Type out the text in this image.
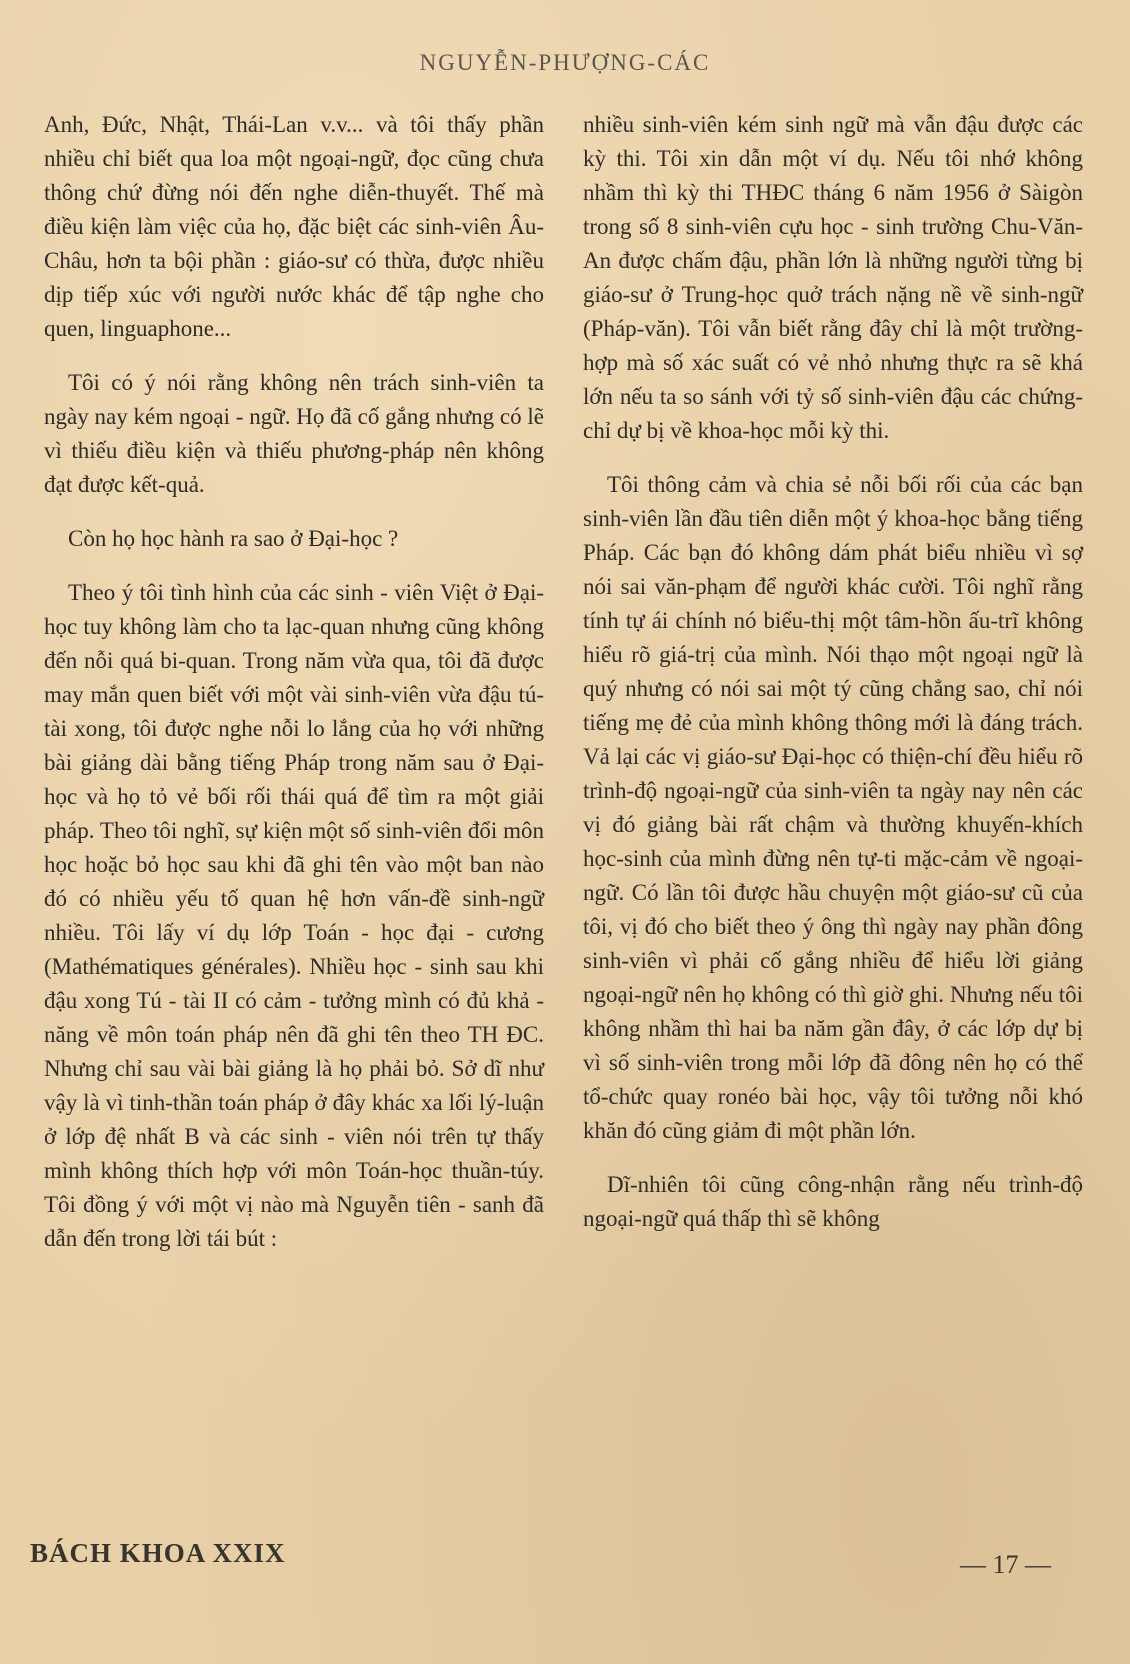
NGUYỄN-PHƯỢNG-CÁC

Anh, Đức, Nhật, Thái-Lan v.v... và tôi thấy phần nhiều chỉ biết qua loa một ngoại-ngữ, đọc cũng chưa thông chứ đừng nói đến nghe diễn-thuyết. Thế mà điều kiện làm việc của họ, đặc biệt các sinh-viên Âu-Châu, hơn ta bội phần : giáo-sư có thừa, được nhiều dịp tiếp xúc với người nước khác để tập nghe cho quen, linguaphone...

Tôi có ý nói rằng không nên trách sinh-viên ta ngày nay kém ngoại - ngữ. Họ đã cố gắng nhưng có lẽ vì thiếu điều kiện và thiếu phương-pháp nên không đạt được kết-quả.

Còn họ học hành ra sao ở Đại-học ?

Theo ý tôi tình hình của các sinh - viên Việt ở Đại-học tuy không làm cho ta lạc-quan nhưng cũng không đến nỗi quá bi-quan. Trong năm vừa qua, tôi đã được may mắn quen biết với một vài sinh-viên vừa đậu tú-tài xong, tôi được nghe nỗi lo lắng của họ với những bài giảng dài bằng tiếng Pháp trong năm sau ở Đại-học và họ tỏ vẻ bối rối thái quá để tìm ra một giải pháp. Theo tôi nghĩ, sự kiện một số sinh-viên đổi môn học hoặc bỏ học sau khi đã ghi tên vào một ban nào đó có nhiều yếu tố quan hệ hơn vấn-đề sinh-ngữ nhiều. Tôi lấy ví dụ lớp Toán - học đại - cương (Mathématiques générales). Nhiều học - sinh sau khi đậu xong Tú - tài II có cảm - tưởng mình có đủ khả - năng về môn toán pháp nên đã ghi tên theo TH ĐC. Nhưng chỉ sau vài bài giảng là họ phải bỏ. Sở dĩ như vậy là vì tinh-thần toán pháp ở đây khác xa lối lý-luận ở lớp đệ nhất B và các sinh - viên nói trên tự thấy mình không thích hợp với môn Toán-học thuần-túy. Tôi đồng ý với một vị nào mà Nguyễn tiên - sanh đã dẫn đến trong lời tái bút :

nhiều sinh-viên kém sinh ngữ mà vẫn đậu được các kỳ thi. Tôi xin dẫn một ví dụ. Nếu tôi nhớ không nhầm thì kỳ thi THĐC tháng 6 năm 1956 ở Sàigòn trong số 8 sinh-viên cựu học - sinh trường Chu-Văn-An được chấm đậu, phần lớn là những người từng bị giáo-sư ở Trung-học quở trách nặng nề về sinh-ngữ (Pháp-văn). Tôi vẫn biết rằng đây chỉ là một trường-hợp mà số xác suất có vẻ nhỏ nhưng thực ra sẽ khá lớn nếu ta so sánh với tỷ số sinh-viên đậu các chứng-chỉ dự bị về khoa-học mỗi kỳ thi.

Tôi thông cảm và chia sẻ nỗi bối rối của các bạn sinh-viên lần đầu tiên diễn một ý khoa-học bằng tiếng Pháp. Các bạn đó không dám phát biểu nhiều vì sợ nói sai văn-phạm để người khác cười. Tôi nghĩ rằng tính tự ái chính nó biểu-thị một tâm-hồn ấu-trĩ không hiểu rõ giá-trị của mình. Nói thạo một ngoại ngữ là quý nhưng có nói sai một tý cũng chẳng sao, chỉ nói tiếng mẹ đẻ của mình không thông mới là đáng trách. Vả lại các vị giáo-sư Đại-học có thiện-chí đều hiểu rõ trình-độ ngoại-ngữ của sinh-viên ta ngày nay nên các vị đó giảng bài rất chậm và thường khuyến-khích học-sinh của mình đừng nên tự-ti mặc-cảm về ngoại-ngữ. Có lần tôi được hầu chuyện một giáo-sư cũ của tôi, vị đó cho biết theo ý ông thì ngày nay phần đông sinh-viên vì phải cố gắng nhiều để hiểu lời giảng ngoại-ngữ nên họ không có thì giờ ghi. Nhưng nếu tôi không nhầm thì hai ba năm gần đây, ở các lớp dự bị vì số sinh-viên trong mỗi lớp đã đông nên họ có thể tổ-chức quay ronéo bài học, vậy tôi tưởng nỗi khó khăn đó cũng giảm đi một phần lớn.

Dĩ-nhiên tôi cũng công-nhận rằng nếu trình-độ ngoại-ngữ quá thấp thì sẽ không

BÁCH KHOA XXIX	— 17 —
